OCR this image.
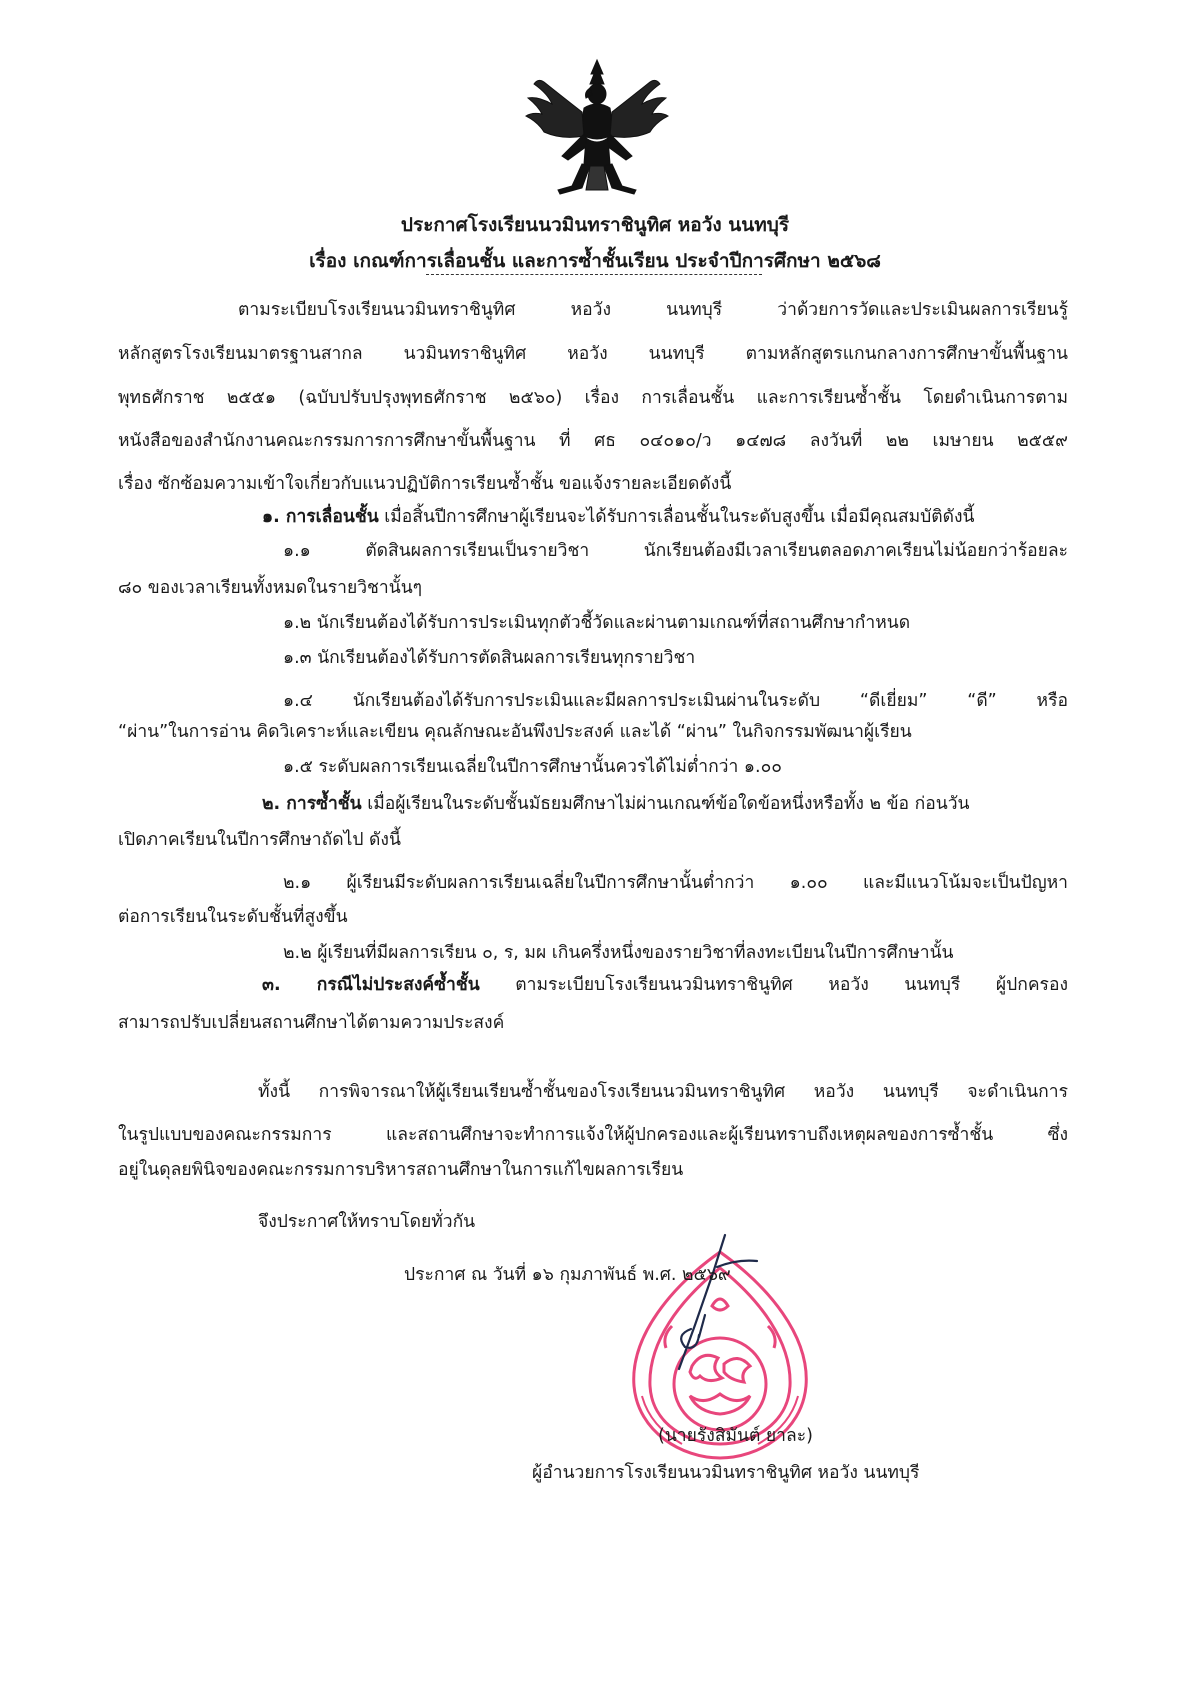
ประกาศโรงเรียนนวมินทราชินูทิศ หอวัง นนทบุรี
เรื่อง เกณฑ์การเลื่อนชั้น และการซ้ำชั้นเรียน ประจำปีการศึกษา ๒๕๖๘
ตามระเบียบโรงเรียนนวมินทราชินูทิศ หอวัง นนทบุรี ว่าด้วยการวัดและประเมินผลการเรียนรู้
หลักสูตรโรงเรียนมาตรฐานสากล นวมินทราชินูทิศ หอวัง นนทบุรี ตามหลักสูตรแกนกลางการศึกษาขั้นพื้นฐาน
พุทธศักราช ๒๕๕๑ (ฉบับปรับปรุงพุทธศักราช ๒๕๖๐) เรื่อง การเลื่อนชั้น และการเรียนซ้ำชั้น โดยดำเนินการตาม
หนังสือของสำนักงานคณะกรรมการการศึกษาขั้นพื้นฐาน ที่ ศธ ๐๔๐๑๐/ว ๑๔๗๘ ลงวันที่ ๒๒ เมษายน ๒๕๕๙
เรื่อง ซักซ้อมความเข้าใจเกี่ยวกับแนวปฏิบัติการเรียนซ้ำชั้น ขอแจ้งรายละเอียดดังนี้
๑. การเลื่อนชั้น เมื่อสิ้นปีการศึกษาผู้เรียนจะได้รับการเลื่อนชั้นในระดับสูงขึ้น เมื่อมีคุณสมบัติดังนี้
๑.๑ ตัดสินผลการเรียนเป็นรายวิชา นักเรียนต้องมีเวลาเรียนตลอดภาคเรียนไม่น้อยกว่าร้อยละ
๘๐ ของเวลาเรียนทั้งหมดในรายวิชานั้นๆ
๑.๒ นักเรียนต้องได้รับการประเมินทุกตัวชี้วัดและผ่านตามเกณฑ์ที่สถานศึกษากำหนด
๑.๓ นักเรียนต้องได้รับการตัดสินผลการเรียนทุกรายวิชา
๑.๔ นักเรียนต้องได้รับการประเมินและมีผลการประเมินผ่านในระดับ “ดีเยี่ยม” “ดี” หรือ
“ผ่าน”ในการอ่าน คิดวิเคราะห์และเขียน คุณลักษณะอันพึงประสงค์ และได้ “ผ่าน” ในกิจกรรมพัฒนาผู้เรียน
๑.๕ ระดับผลการเรียนเฉลี่ยในปีการศึกษานั้นควรได้ไม่ต่ำกว่า ๑.๐๐
๒. การซ้ำชั้น เมื่อผู้เรียนในระดับชั้นมัธยมศึกษาไม่ผ่านเกณฑ์ข้อใดข้อหนึ่งหรือทั้ง ๒ ข้อ ก่อนวัน
เปิดภาคเรียนในปีการศึกษาถัดไป ดังนี้
๒.๑ ผู้เรียนมีระดับผลการเรียนเฉลี่ยในปีการศึกษานั้นต่ำกว่า ๑.๐๐ และมีแนวโน้มจะเป็นปัญหา
ต่อการเรียนในระดับชั้นที่สูงขึ้น
๒.๒ ผู้เรียนที่มีผลการเรียน ๐, ร, มผ เกินครึ่งหนึ่งของรายวิชาที่ลงทะเบียนในปีการศึกษานั้น
๓. กรณีไม่ประสงค์ซ้ำชั้น ตามระเบียบโรงเรียนนวมินทราชินูทิศ หอวัง นนทบุรี ผู้ปกครอง
สามารถปรับเปลี่ยนสถานศึกษาได้ตามความประสงค์
ทั้งนี้ การพิจารณาให้ผู้เรียนเรียนซ้ำชั้นของโรงเรียนนวมินทราชินูทิศ หอวัง นนทบุรี จะดำเนินการ
ในรูปแบบของคณะกรรมการ และสถานศึกษาจะทำการแจ้งให้ผู้ปกครองและผู้เรียนทราบถึงเหตุผลของการซ้ำชั้น ซึ่ง
อยู่ในดุลยพินิจของคณะกรรมการบริหารสถานศึกษาในการแก้ไขผลการเรียน
จึงประกาศให้ทราบโดยทั่วกัน
ประกาศ ณ วันที่ ๑๖ กุมภาพันธ์ พ.ศ. ๒๕๖๙
(นายรังสิมันต์ ยาละ)
ผู้อำนวยการโรงเรียนนวมินทราชินูทิศ หอวัง นนทบุรี
